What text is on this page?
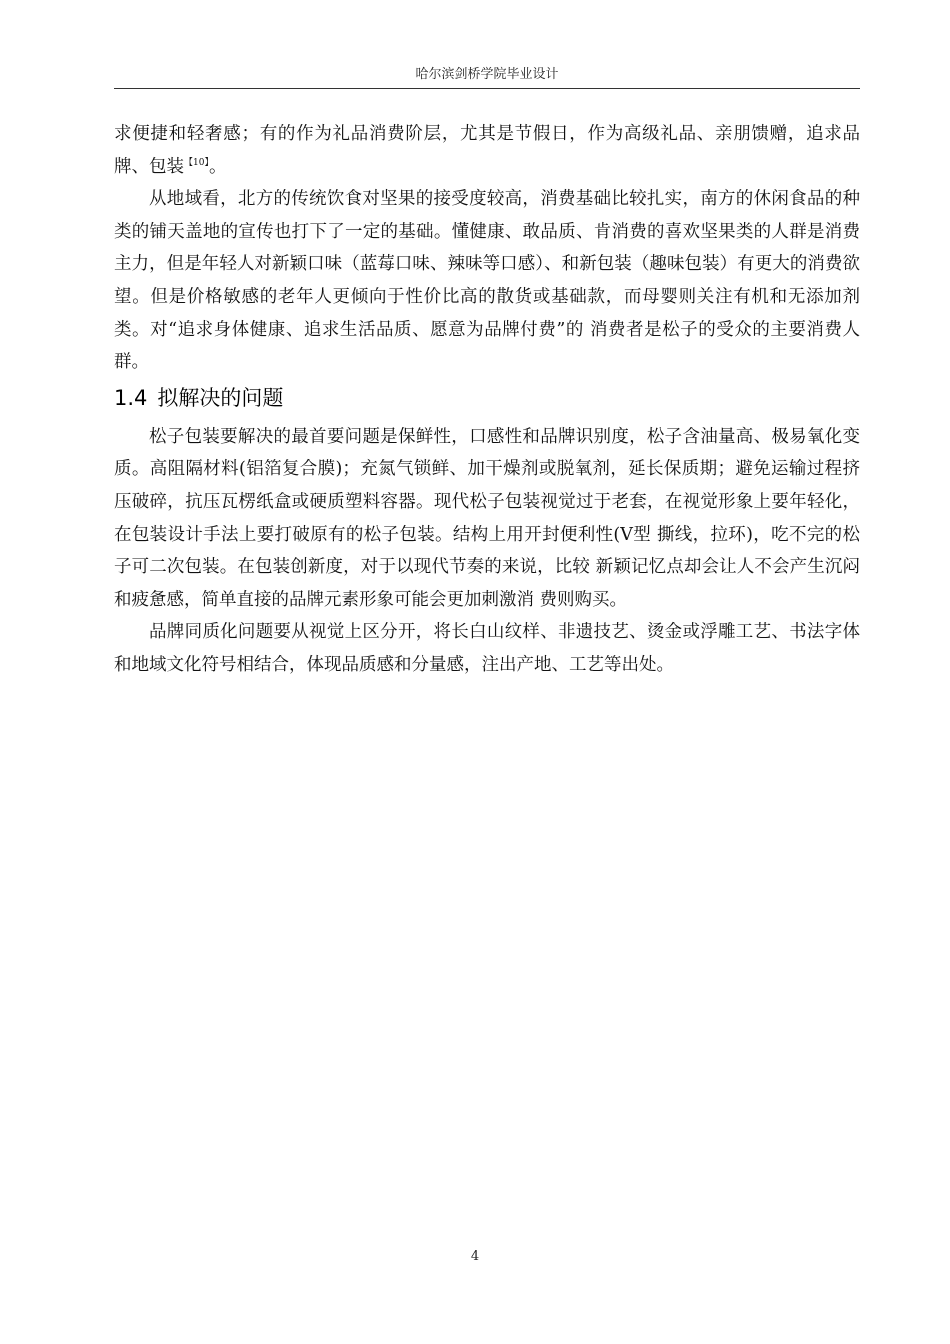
哈尔滨剑桥学院毕业设计

求便捷和轻奢感；有的作为礼品消费阶层，尤其是节假日，作为高级礼品、亲朋馈赠，追求品牌、包装$^{【10】}$。

从地域看，北方的传统饮食对坚果的接受度较高，消费基础比较扎实，南方的休闲食品的种类的铺天盖地的宣传也打下了一定的基础。懂健康、敢品质、肯消费的喜欢坚果类的人群是消费主力，但是年轻人对新颖口味（蓝莓口味、辣味等口感）、和新包装（趣味包装）有更大的消费欲望。但是价格敏感的老年人更倾向于性价比高的散货或基础款，而母婴则关注有机和无添加剂类。对“追求身体健康、追求生活品质、愿意为品牌付费”的 消费者是松子的受众的主要消费人群。

1.4 拟解决的问题

松子包装要解决的最首要问题是保鲜性，口感性和品牌识别度，松子含油量高、极易氧化变质。高阻隔材料(铝箔复合膜)；充氮气锁鲜、加干燥剂或脱氧剂，延长保质期；避免运输过程挤压破碎，抗压瓦楞纸盒或硬质塑料容器。现代松子包装视觉过于老套，在视觉形象上要年轻化，在包装设计手法上要打破原有的松子包装。结构上用开封便利性(V型 撕线，拉环)，吃不完的松子可二次包装。在包装创新度，对于以现代节奏的来说，比较 新颖记忆点却会让人不会产生沉闷和疲惫感，简单直接的品牌元素形象可能会更加刺激消 费则购买。

品牌同质化问题要从视觉上区分开，将长白山纹样、非遗技艺、烫金或浮雕工艺、书法字体和地域文化符号相结合，体现品质感和分量感，注出产地、工艺等出处。

4
